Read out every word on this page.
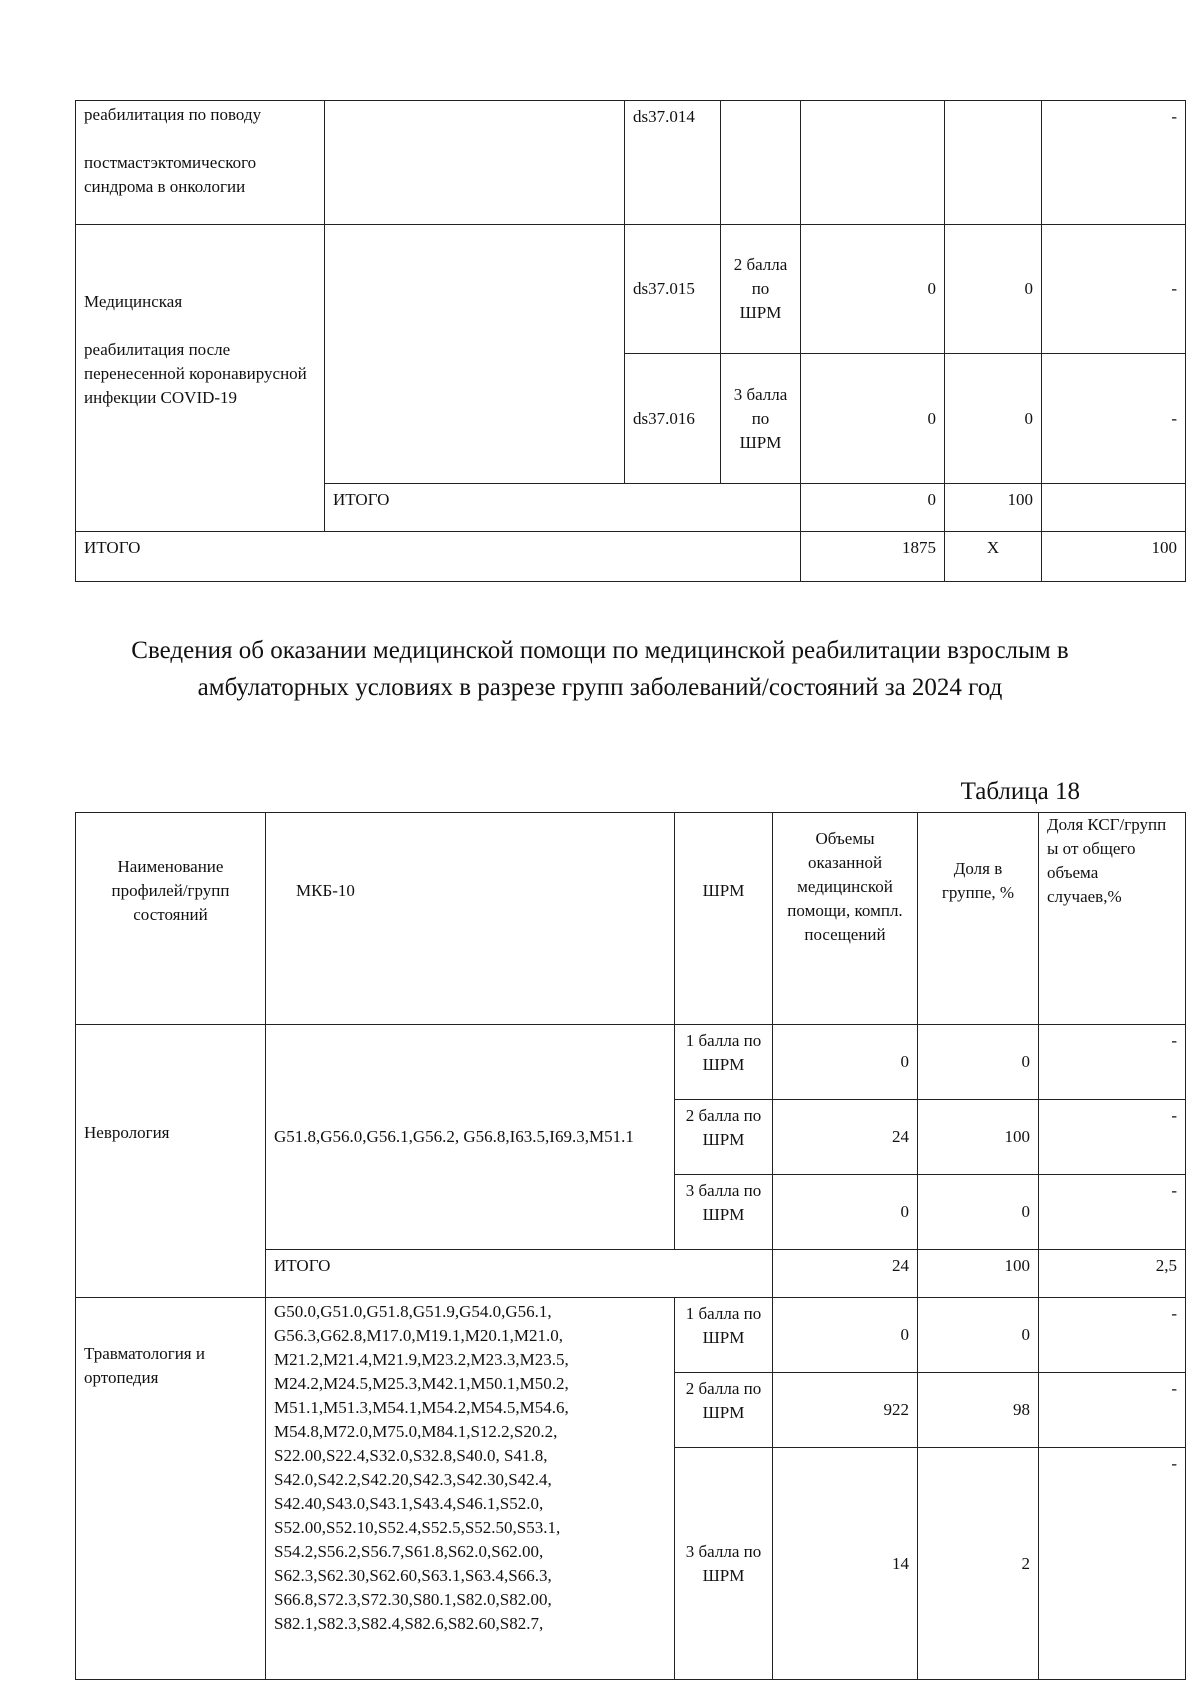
реабилитация по поводу

постмастэктомического синдрома в онкологии		ds37.014				-
Медицинская

реабилитация после перенесенной коронавирусной инфекции COVID-19		ds37.015	2 балла по ШРМ	0	0	-
		ds37.016	3 балла по ШРМ	0	0	-
	ИТОГО			0	100	
ИТОГО				1875	Х	100
Сведения об оказании медицинской помощи по медицинской реабилитации взрослым в амбулаторных условиях в разрезе групп заболеваний/состояний за 2024 год
Таблица 18
Наименование профилей/групп состояний	МКБ-10	ШРМ	Объемы оказанной медицинской помощи, компл. посещений	Доля в группе, %	Доля КСГ/групп ы от общего объема случаев,%
Неврология	G51.8,G56.0,G56.1,G56.2, G56.8,I63.5,I69.3,M51.1	1 балла по ШРМ	0	0	-
		2 балла по ШРМ	24	100	-
		3 балла по ШРМ	0	0	-
	ИТОГО		24	100	2,5
Травматология и ортопедия	G50.0,G51.0,G51.8,G51.9,G54.0,G56.1, G56.3,G62.8,M17.0,M19.1,M20.1,M21.0, M21.2,M21.4,M21.9,M23.2,M23.3,M23.5, M24.2,M24.5,M25.3,M42.1,M50.1,M50.2, M51.1,M51.3,M54.1,M54.2,M54.5,M54.6, M54.8,M72.0,M75.0,M84.1,S12.2,S20.2, S22.00,S22.4,S32.0,S32.8,S40.0, S41.8, S42.0,S42.2,S42.20,S42.3,S42.30,S42.4, S42.40,S43.0,S43.1,S43.4,S46.1,S52.0, S52.00,S52.10,S52.4,S52.5,S52.50,S53.1, S54.2,S56.2,S56.7,S61.8,S62.0,S62.00, S62.3,S62.30,S62.60,S63.1,S63.4,S66.3, S66.8,S72.3,S72.30,S80.1,S82.0,S82.00, S82.1,S82.3,S82.4,S82.6,S82.60,S82.7,	1 балла по ШРМ	0	0	-
		2 балла по ШРМ	922	98	-
		3 балла по ШРМ	14	2	-
